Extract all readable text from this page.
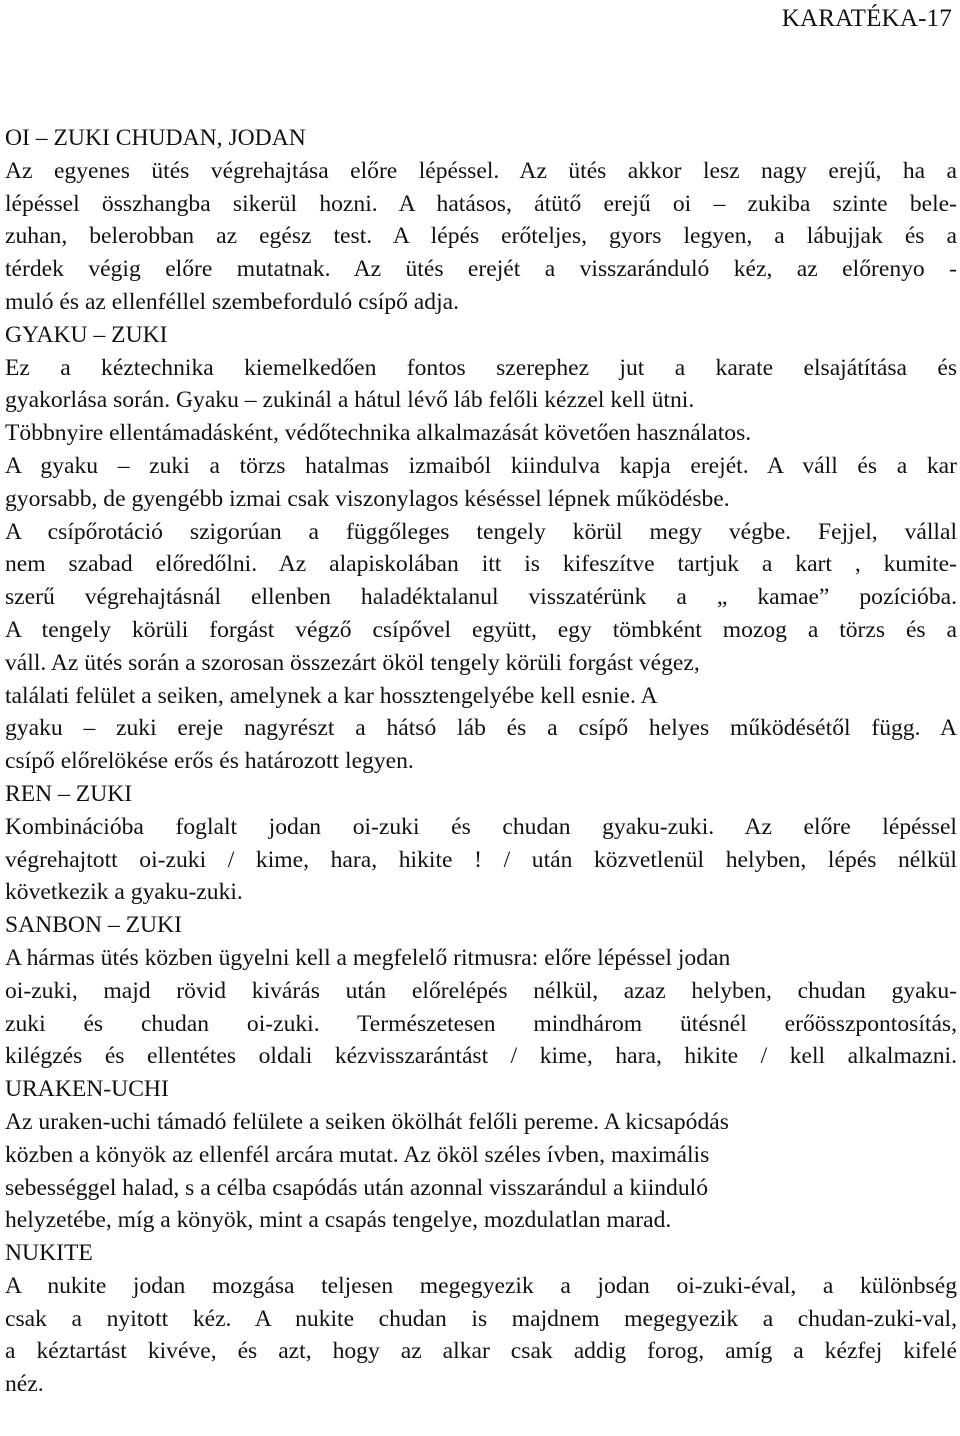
KARATÉKA-17
OI – ZUKI CHUDAN, JODAN
Az egyenes ütés végrehajtása előre lépéssel. Az ütés akkor lesz nagy erejű, ha a
lépéssel összhangba sikerül hozni. A hatásos, átütő erejű oi – zukiba szinte bele-
zuhan, belerobban az egész test. A lépés erőteljes, gyors legyen, a lábujjak és a
térdek végig előre mutatnak. Az ütés erejét a visszaránduló kéz, az előrenyo -
muló és az ellenféllel szembeforduló csípő adja.
GYAKU – ZUKI
Ez a kéztechnika kiemelkedően fontos szerephez jut a karate elsajátítása és
gyakorlása során. Gyaku – zukinál a hátul lévő láb felőli kézzel kell ütni.
Többnyire ellentámadásként, védőtechnika alkalmazását követően használatos.
A gyaku – zuki a törzs hatalmas izmaiból kiindulva kapja erejét. A váll és a kar
gyorsabb, de gyengébb izmai csak viszonylagos késéssel lépnek működésbe.
A csípőrotáció szigorúan a függőleges tengely körül megy végbe. Fejjel, vállal
nem szabad előredőlni. Az alapiskolában itt is kifeszítve tartjuk a kart , kumite-
szerű végrehajtásnál ellenben haladéktalanul visszatérünk a „ kamae” pozícióba.
A tengely körüli forgást végző csípővel együtt, egy tömbként mozog a törzs és a
váll. Az ütés során a szorosan összezárt ököl tengely körüli forgást végez,
találati felület a seiken, amelynek a kar hossztengelyébe kell esnie. A
gyaku – zuki ereje nagyrészt a hátsó láb és a csípő helyes működésétől függ. A
csípő előrelökése erős és határozott legyen.
REN – ZUKI
Kombinációba foglalt jodan oi-zuki és chudan gyaku-zuki. Az előre lépéssel
végrehajtott oi-zuki / kime, hara, hikite ! / után közvetlenül helyben, lépés nélkül
következik a gyaku-zuki.
SANBON – ZUKI
A hármas ütés közben ügyelni kell a megfelelő ritmusra: előre lépéssel jodan
oi-zuki, majd rövid kivárás után előrelépés nélkül, azaz helyben, chudan gyaku-
zuki és chudan oi-zuki. Természetesen mindhárom ütésnél erőösszpontosítás,
kilégzés és ellentétes oldali kézvisszarántást / kime, hara, hikite / kell alkalmazni.
URAKEN-UCHI
Az uraken-uchi támadó felülete a seiken ökölhát felőli pereme. A kicsapódás
közben a könyök az ellenfél arcára mutat. Az ököl széles ívben, maximális
sebességgel halad, s a célba csapódás után azonnal visszarándul a kiinduló
helyzetébe, míg a könyök, mint a csapás tengelye, mozdulatlan marad.
NUKITE
A nukite jodan mozgása teljesen megegyezik a jodan oi-zuki-éval, a különbség
csak a nyitott kéz. A nukite chudan is majdnem megegyezik a chudan-zuki-val,
a kéztartást kivéve, és azt, hogy az alkar csak addig forog, amíg a kézfej kifelé
néz.
